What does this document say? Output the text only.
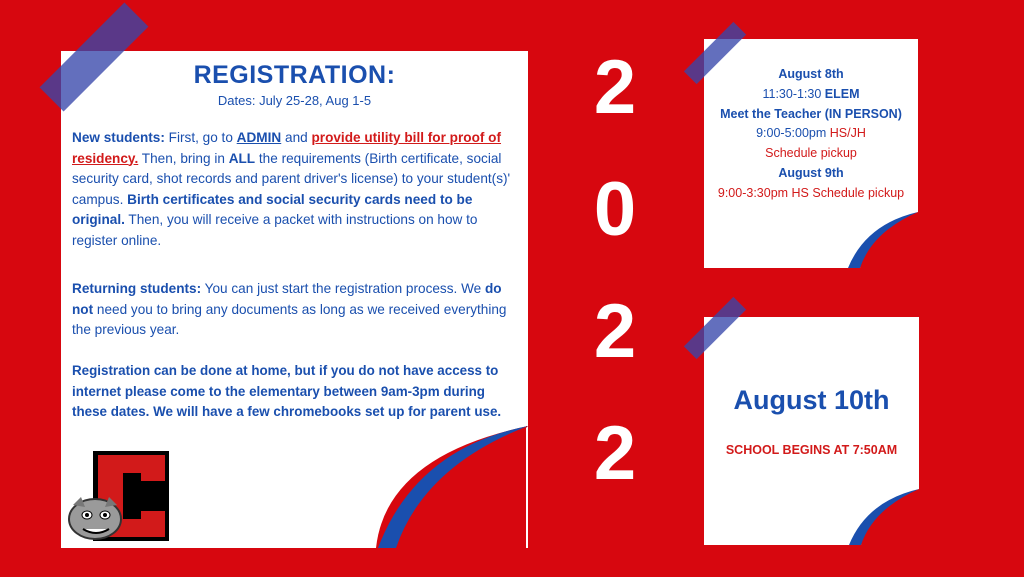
REGISTRATION:
Dates: July 25-28, Aug 1-5
New students: First, go to ADMIN and provide utility bill for proof of residency. Then, bring in ALL the requirements (Birth certificate, social security card, shot records and parent driver's license) to your student(s)' campus. Birth certificates and social security cards need to be original. Then, you will receive a packet with instructions on how to register online.
Returning students: You can just start the registration process. We do not need you to bring any documents as long as we received everything the previous year.
Registration can be done at home, but if you do not have access to internet please come to the elementary between 9am-3pm during these dates. We will have a few chromebooks set up for parent use.
2
0
2
2
August 8th
11:30-1:30 ELEM
Meet the Teacher (IN PERSON)
9:00-5:00pm HS/JH
Schedule pickup
August 9th
9:00-3:30pm HS Schedule pickup
August 10th
SCHOOL BEGINS AT 7:50AM
